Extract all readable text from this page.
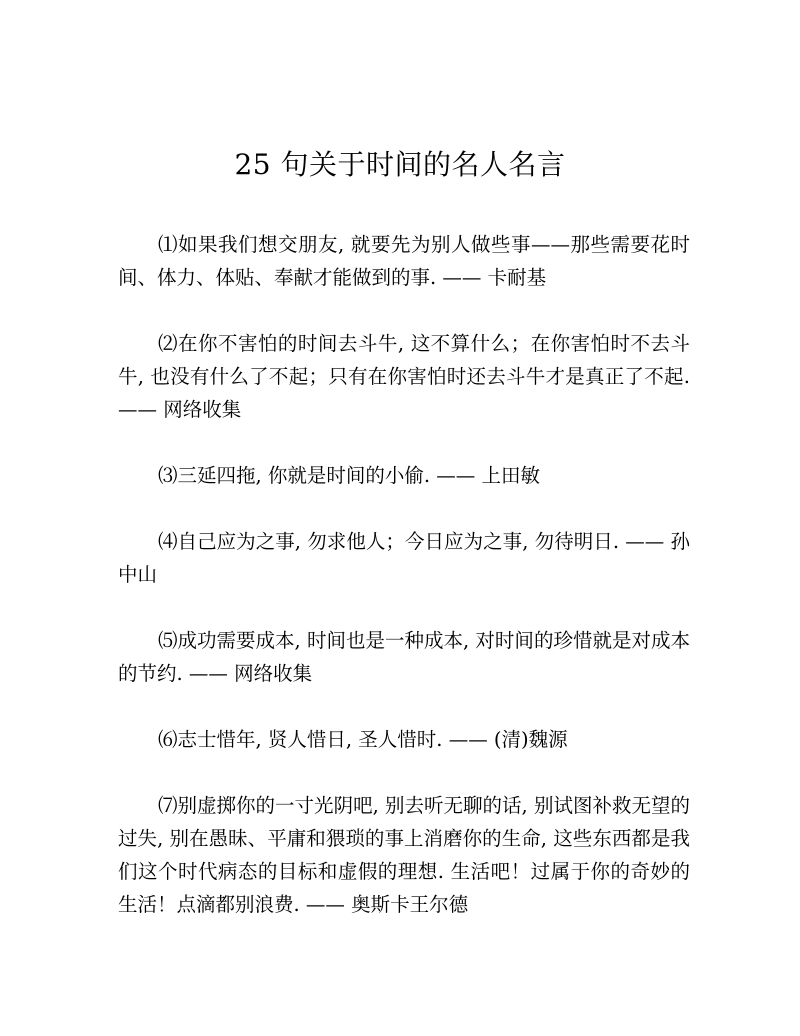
25 句关于时间的名人名言

⑴如果我们想交朋友, 就要先为别人做些事——那些需要花时间、体力、体贴、奉献才能做到的事. —— 卡耐基

⑵在你不害怕的时间去斗牛, 这不算什么；在你害怕时不去斗牛, 也没有什么了不起；只有在你害怕时还去斗牛才是真正了不起. —— 网络收集

⑶三延四拖, 你就是时间的小偷. —— 上田敏

⑷自己应为之事, 勿求他人；今日应为之事, 勿待明日. —— 孙中山

⑸成功需要成本, 时间也是一种成本, 对时间的珍惜就是对成本的节约. —— 网络收集

⑹志士惜年, 贤人惜日, 圣人惜时. —— (清)魏源

⑺别虚掷你的一寸光阴吧, 别去听无聊的话, 别试图补救无望的过失, 别在愚昧、平庸和猥琐的事上消磨你的生命, 这些东西都是我们这个时代病态的目标和虚假的理想. 生活吧！过属于你的奇妙的生活！点滴都别浪费. —— 奥斯卡王尔德
